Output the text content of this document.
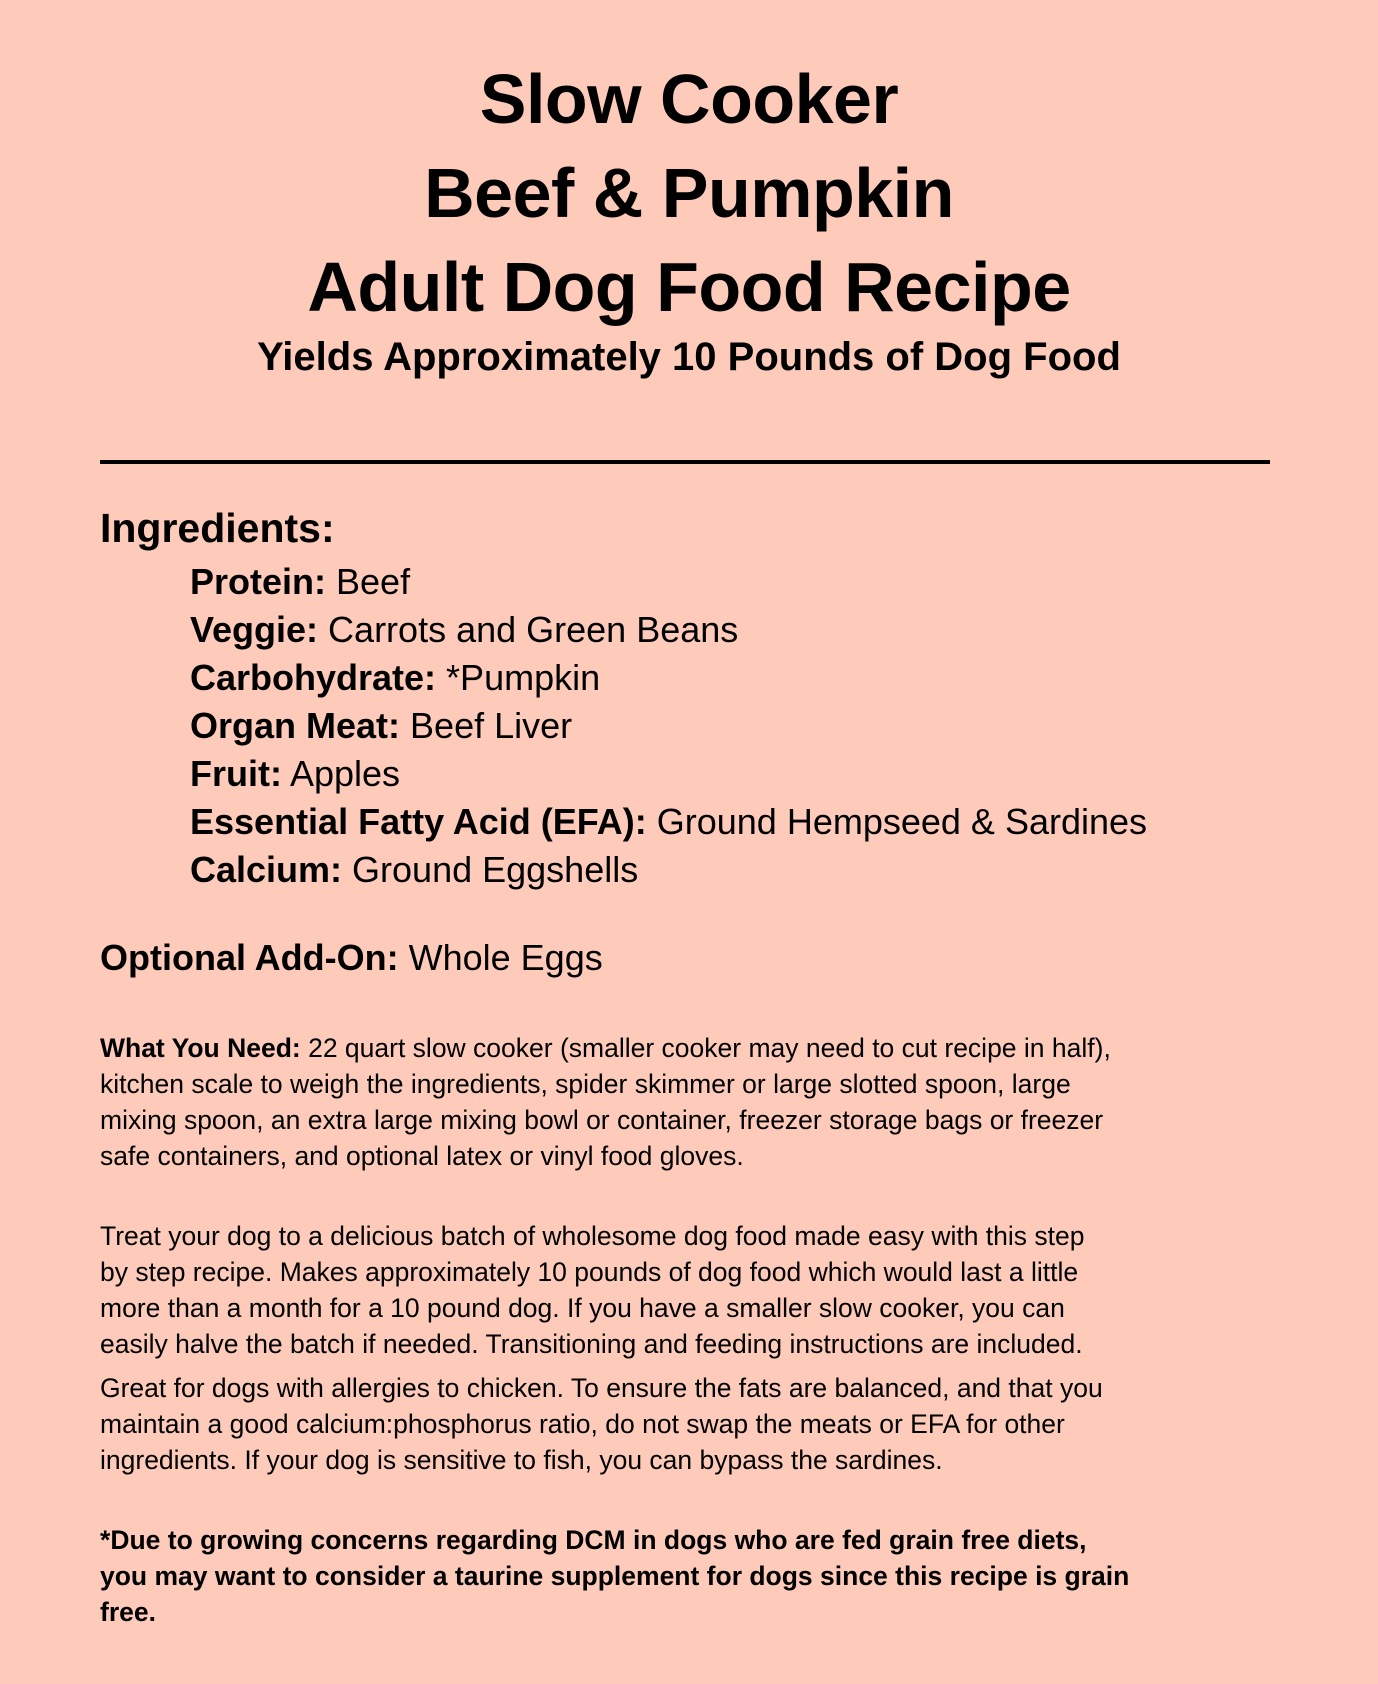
Slow Cooker
Beef & Pumpkin
Adult Dog Food Recipe
Yields Approximately 10 Pounds of Dog Food
Ingredients:
Protein: Beef
Veggie: Carrots and Green Beans
Carbohydrate: *Pumpkin
Organ Meat: Beef Liver
Fruit: Apples
Essential Fatty Acid (EFA): Ground Hempseed & Sardines
Calcium: Ground Eggshells
Optional Add-On: Whole Eggs
What You Need: 22 quart slow cooker (smaller cooker may need to cut recipe in half),
kitchen scale to weigh the ingredients, spider skimmer or large slotted spoon, large
mixing spoon, an extra large mixing bowl or container, freezer storage bags or freezer
safe containers, and optional latex or vinyl food gloves.
Treat your dog to a delicious batch of wholesome dog food made easy with this step
by step recipe. Makes approximately 10 pounds of dog food which would last a little
more than a month for a 10 pound dog. If you have a smaller slow cooker, you can
easily halve the batch if needed. Transitioning and feeding instructions are included.
Great for dogs with allergies to chicken. To ensure the fats are balanced, and that you
maintain a good calcium:phosphorus ratio, do not swap the meats or EFA for other
ingredients. If your dog is sensitive to fish, you can bypass the sardines.
*Due to growing concerns regarding DCM in dogs who are fed grain free diets,
you may want to consider a taurine supplement for dogs since this recipe is grain
free.
